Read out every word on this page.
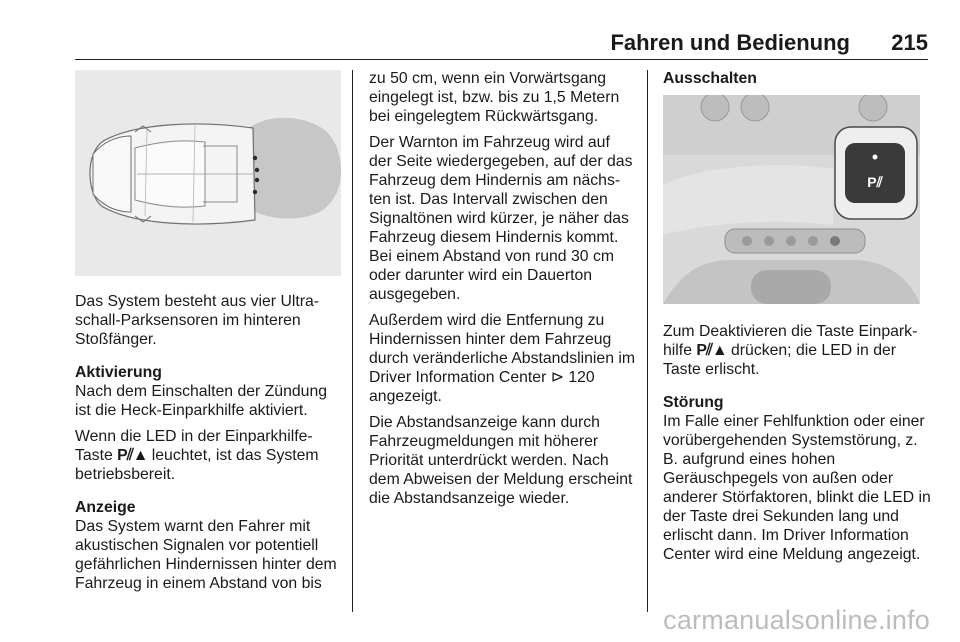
Fahren und Bedienung 215

Das System besteht aus vier Ultra-schall-Parksensoren im hinteren Stoßfänger.

Aktivierung

Nach dem Einschalten der Zündung ist die Heck-Einparkhilfe aktiviert.

Wenn die LED in der Einparkhilfe-Taste P⫽▲ leuchtet, ist das System betriebsbereit.

Anzeige

Das System warnt den Fahrer mit akustischen Signalen vor potentiell gefährlichen Hindernissen hinter dem Fahrzeug in einem Abstand von bis

zu 50 cm, wenn ein Vorwärtsgang eingelegt ist, bzw. bis zu 1,5 Metern bei eingelegtem Rückwärtsgang.

Der Warnton im Fahrzeug wird auf der Seite wiedergegeben, auf der das Fahrzeug dem Hindernis am nächs-ten ist. Das Intervall zwischen den Signaltönen wird kürzer, je näher das Fahrzeug diesem Hindernis kommt. Bei einem Abstand von rund 30 cm oder darunter wird ein Dauerton ausgegeben.

Außerdem wird die Entfernung zu Hindernissen hinter dem Fahrzeug durch veränderliche Abstandslinien im Driver Information Center ⊳ 120 angezeigt.

Die Abstandsanzeige kann durch Fahrzeugmeldungen mit höherer Priorität unterdrückt werden. Nach dem Abweisen der Meldung erscheint die Abstandsanzeige wieder.

Ausschalten

P⫽

Zum Deaktivieren die Taste Einpark-hilfe P⫽▲ drücken; die LED in der Taste erlischt.

Störung

Im Falle einer Fehlfunktion oder einer vorübergehenden Systemstörung, z. B. aufgrund eines hohen Geräuschpegels von außen oder anderer Störfaktoren, blinkt die LED in der Taste drei Sekunden lang und erlischt dann. Im Driver Information Center wird eine Meldung angezeigt.

carmanualsonline.info
